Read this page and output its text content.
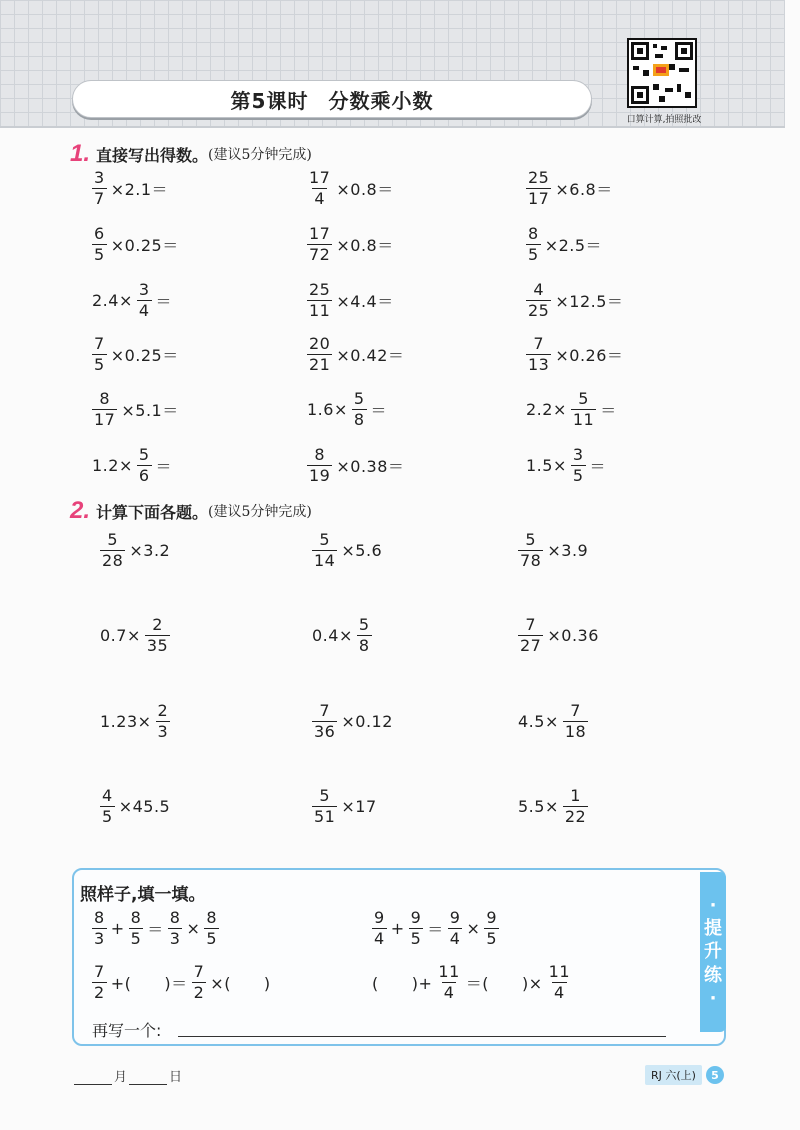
第5课时 分数乘小数
口算计算,拍照批改
1. 直接写出得数。 (建议5分钟完成)
$\frac{3}{7} \times 2.1=$	$\frac{17}{4} \times 0.8=$	$\frac{25}{17} \times 6.8=$
$\frac{6}{5} \times 0.25=$	$\frac{17}{72} \times 0.8=$	$\frac{8}{5} \times 2.5=$
$2.4\times \frac{3}{4}$ ＝	$\frac{25}{11} \times 4.4=$	$\frac{4}{25} \times 12.5=$
$\frac{7}{5} \times 0.25=$	$\frac{20}{21} \times 0.42=$	$\frac{7}{13} \times 0.26=$
$\frac{8}{17} \times 5.1=$	$1.6\times \frac{5}{8}$ ＝	$2.2\times \frac{5}{11}$ ＝
$1.2\times \frac{5}{6}$ ＝	$\frac{8}{19} \times 0.38=$	$1.5\times \frac{3}{5}$ ＝
2. 计算下面各题。 (建议5分钟完成)
$\frac{5}{28} \times 3.2$	$\frac{5}{14} \times 5.6$	$\frac{5}{78} \times 3.9$
$0.7\times \frac{2}{35}$	$0.4\times \frac{5}{8}$	$\frac{7}{27} \times 0.36$
$1.23\times \frac{2}{3}$	$\frac{7}{36} \times 0.12$	$4.5\times \frac{7}{18}$
$\frac{4}{5} \times 45.5$	$\frac{5}{51} \times 17$	$5.5\times \frac{1}{22}$
·
提
升
练
·
照样子,填一填。
$\frac{8}{3} + \frac{8}{5} = \frac{8}{3} \times \frac{8}{5}$	$\frac{9}{4} + \frac{9}{5} = \frac{9}{4} \times \frac{9}{5}$
$\frac{7}{2}$ +(　　)＝ $\frac{7}{2}$ ×(　　)	(　　)+ $\frac{11}{4}$ ＝(　　)× $\frac{11}{4}$
再写一个:
月	日	RJ 六(上)	5
